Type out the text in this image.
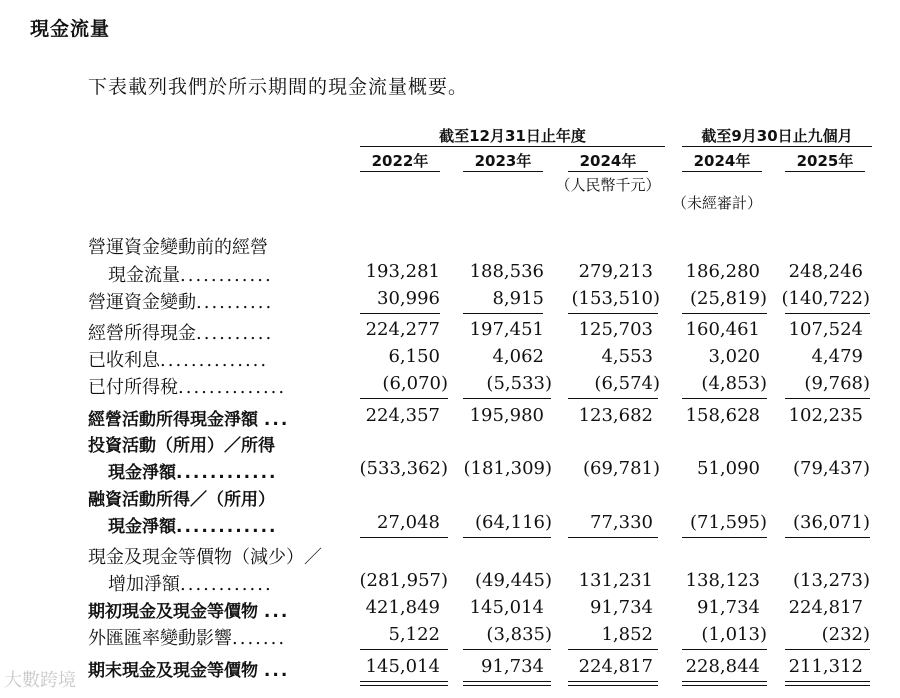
現金流量
下表載列我們於所示期間的現金流量概要。
截至12月31日止年度	截至9月30日止九個月
2022年	2023年	2024年	2024年	2025年
（人民幣千元）
（未經審計）
營運資金變動前的經營
現金流量............	193,281 188,536 279,213 186,280 248,246
營運資金變動..........	30,996	8,915 (153,510) (25,819) (140,722)
經營所得現金..........	224,277 197,451 125,703 160,461 107,524
已收利息..............	6,150	4,062	4,553	3,020	4,479
已付所得稅..............	(6,070) (5,533) (6,574) (4,853) (9,768)
經營活動所得現金淨額 ...	224,357 195,980 123,682 158,628 102,235
投資活動（所用）／所得
現金淨額............	(533,362) (181,309) (69,781) 51,090 (79,437)
融資活動所得／（所用）
現金淨額............	27,048 (64,116) 77,330 (71,595) (36,071)
現金及現金等價物（減少）／
增加淨額............	(281,957) (49,445) 131,231 138,123 (13,273)
期初現金及現金等價物 ...	421,849 145,014	91,734 91,734 224,817
外匯匯率變動影響.......	5,122	(3,835)	1,852	(1,013)	(232)
期末現金及現金等價物 ...	145,014 91,734 224,817 228,844 211,312
大數跨境
